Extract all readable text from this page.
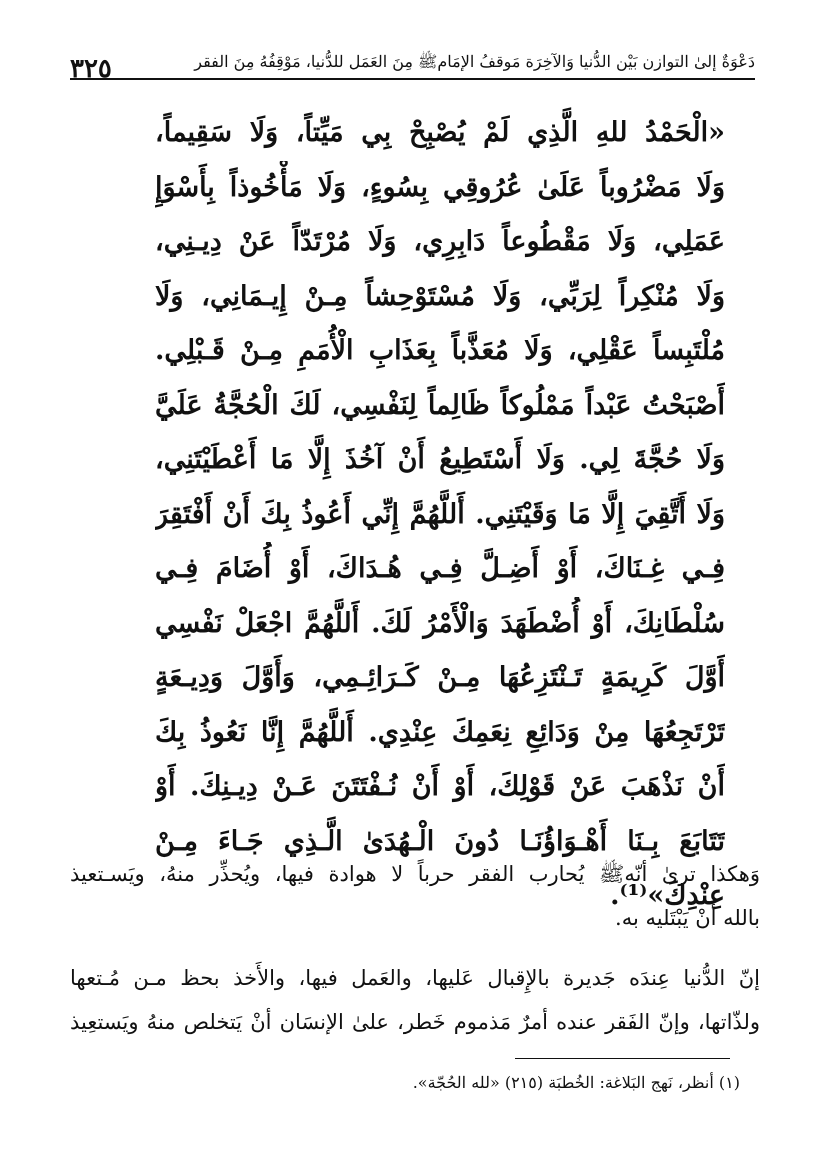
٣٢٥	دَعْوَةٌ إلىٰ التوازن بَيْن الدُّنيا وَالآخِرَة مَوقفُ الإمَامﷺ مِنَ العَمَل للدُّنيا، مَوْقِفُهُ مِنَ الفقر
«الْحَمْدُ للهِ الَّذِي لَمْ يُصْبِحْ بِي مَيِّتاً، وَلَا سَقِيماً،
وَلَا مَضْرُوباً عَلَىٰ عُرُوقِي بِسُوءٍ، وَلَا مَأْخُوذاً بِأَسْوَإِ
عَمَلِي، وَلَا مَقْطُوعاً دَابِرِي، وَلَا مُرْتَدّاً عَنْ دِيـنِي،
وَلَا مُنْكِراً لِرَبِّي، وَلَا مُسْتَوْحِشاً مِـنْ إِيـمَانِي، وَلَا
مُلْتَبِساً عَقْلِي، وَلَا مُعَذَّباً بِعَذَابِ الْأُمَمِ مِـنْ قَـبْلِي.
أَصْبَحْتُ عَبْداً مَمْلُوكاً ظَالِماً لِنَفْسِي، لَكَ الْحُجَّةُ عَلَيَّ
وَلَا حُجَّةَ لِي. وَلَا أَسْتَطِيعُ أَنْ آخُذَ إِلَّا مَا أَعْطَيْتَنِي،
وَلَا أَتَّقِيَ إِلَّا مَا وَقَيْتَنِي. أَللَّهُمَّ إِنِّي أَعُوذُ بِكَ أَنْ أَفْتَقِرَ
فِـي غِـنَاكَ، أَوْ أَضِـلَّ فِـي هُـدَاكَ، أَوْ أُضَامَ فِـي
سُلْطَانِكَ، أَوْ أُضْطَهَدَ وَالْأَمْرُ لَكَ. أَللَّهُمَّ اجْعَلْ نَفْسِي
أَوَّلَ كَرِيمَةٍ تَـنْتَزِعُهَا مِـنْ كَـرَائِـمِي، وَأَوَّلَ وَدِيـعَةٍ
تَرْتَجِعُهَا مِنْ وَدَائِعِ نِعَمِكَ عِنْدِي. أَللَّهُمَّ إِنَّا نَعُوذُ بِكَ
أَنْ نَذْهَبَ عَنْ قَوْلِكَ، أَوْ أَنْ نُـفْتَتَنَ عَـنْ دِيـنِكَ. أَوْ
تَتَابَعَ بِـنَا أَهْـوَاؤُنَـا دُونَ الْـهُدَىٰ الَّـذِي جَـاءَ مِـنْ
عِنْدِكَ»⁽¹⁾.
وَهكذا ترىٰ أنّهﷺ يُحارب الفقر حرباً لا هوادة فيها، ويُحذِّر منهُ، ويَسـتعيذ
بالله أَنْ يَبْتَليه به.
إنّ الدُّنيا عِندَه جَديرة بالإِقبال عَليها، والعَمل فيها، والأَخذ بحظ مـن مُـتعها
ولذّاتها، وإنّ الفَقر عنده أمرٌ مَذموم خَطر، علىٰ الإنسَان أنْ يَتخلص منهُ ويَستعِيذ
(١) أنظر، نَهج البَلاغة: الخُطبَة (٢١٥) «لله الحُجّة».
